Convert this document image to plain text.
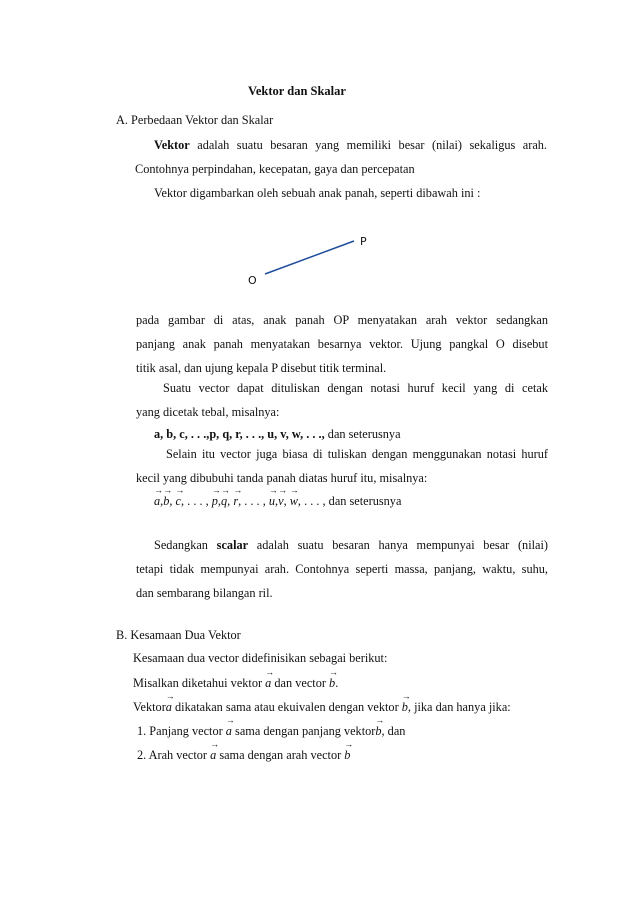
Vektor dan Skalar
A. Perbedaan Vektor dan Skalar
Vektor adalah suatu besaran yang memiliki besar (nilai) sekaligus arah.
Contohnya perpindahan, kecepatan, gaya dan percepatan
Vektor digambarkan oleh sebuah anak panah, seperti dibawah ini :
O
P
pada gambar di atas, anak panah OP menyatakan arah vektor sedangkan
panjang anak panah menyatakan besarnya vektor. Ujung pangkal O disebut
titik asal, dan ujung kepala P disebut titik terminal.
Suatu vector dapat dituliskan dengan notasi huruf kecil yang di cetak
yang dicetak tebal, misalnya:
a, b, c, . . .,p, q, r, . . ., u, v, w, . . ., dan seterusnya
Selain itu vector juga biasa di tuliskan dengan menggunakan notasi huruf
kecil yang dibubuhi tanda panah diatas huruf itu, misalnya:
→ a,→ b, → c, . . . , → p,→ q, → r, . . . , → u,→ v, → w, . . . , dan seterusnya
Sedangkan scalar adalah suatu besaran hanya mempunyai besar (nilai)
tetapi tidak mempunyai arah. Contohnya seperti massa, panjang, waktu, suhu,
dan sembarang bilangan ril.
B. Kesamaan Dua Vektor
Kesamaan dua vector didefinisikan sebagai berikut:
Misalkan diketahui vektor → a dan vector → b.
Vektor→ a dikatakan sama atau ekuivalen dengan vektor → b, jika dan hanya jika:
1. Panjang vector → a sama dengan panjang vektor→ b, dan
2. Arah vector → a sama dengan arah vector → b
